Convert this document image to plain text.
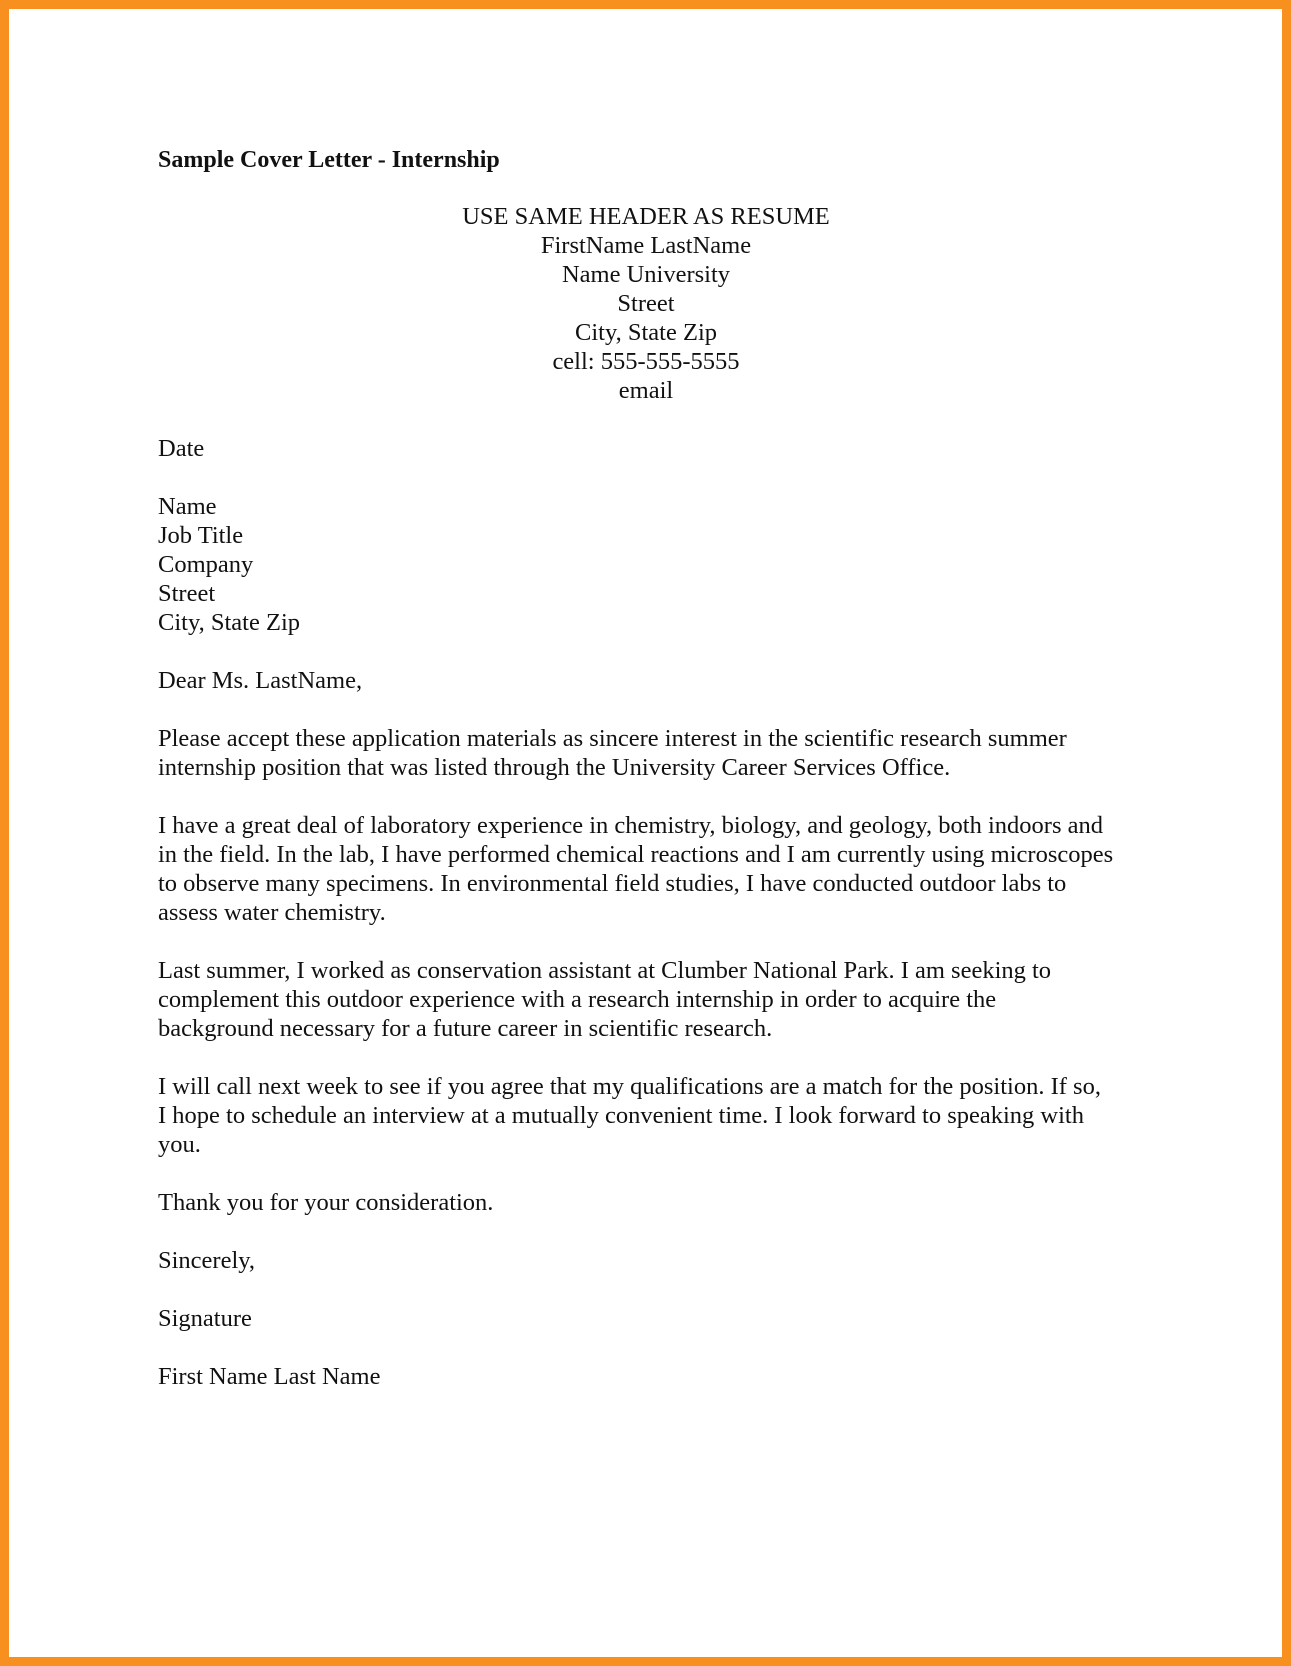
Sample Cover Letter - Internship
USE SAME HEADER AS RESUME
FirstName LastName
Name University
Street
City, State Zip
cell: 555-555-5555
email
Date
Name
Job Title
Company
Street
City, State Zip
Dear Ms. LastName,
Please accept these application materials as sincere interest in the scientific research summer
internship position that was listed through the University Career Services Office.
I have a great deal of laboratory experience in chemistry, biology, and geology, both indoors and
in the field. In the lab, I have performed chemical reactions and I am currently using microscopes
to observe many specimens. In environmental field studies, I have conducted outdoor labs to
assess water chemistry.
Last summer, I worked as conservation assistant at Clumber National Park. I am seeking to
complement this outdoor experience with a research internship in order to acquire the
background necessary for a future career in scientific research.
I will call next week to see if you agree that my qualifications are a match for the position. If so,
I hope to schedule an interview at a mutually convenient time. I look forward to speaking with
you.
Thank you for your consideration.
Sincerely,
Signature
First Name Last Name
